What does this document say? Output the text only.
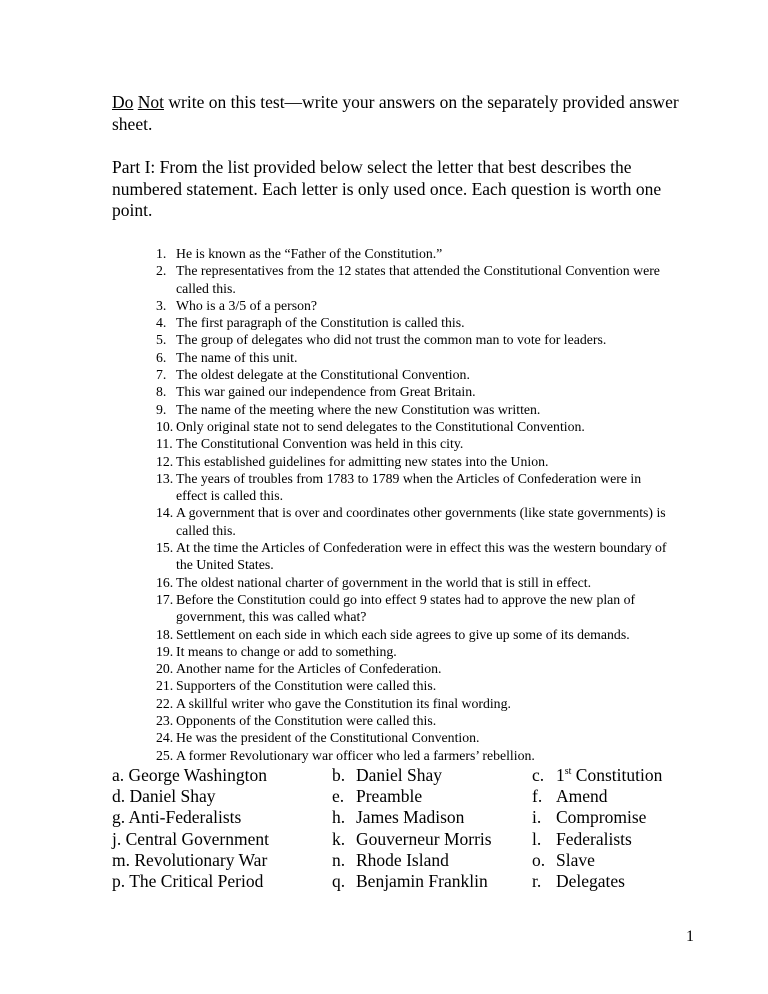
Do Not write on this test—write your answers on the separately provided answer sheet.
Part I: From the list provided below select the letter that best describes the numbered statement. Each letter is only used once. Each question is worth one point.
1. He is known as the “Father of the Constitution.”
2. The representatives from the 12 states that attended the Constitutional Convention were called this.
3. Who is a 3/5 of a person?
4. The first paragraph of the Constitution is called this.
5. The group of delegates who did not trust the common man to vote for leaders.
6. The name of this unit.
7. The oldest delegate at the Constitutional Convention.
8. This war gained our independence from Great Britain.
9. The name of the meeting where the new Constitution was written.
10. Only original state not to send delegates to the Constitutional Convention.
11. The Constitutional Convention was held in this city.
12. This established guidelines for admitting new states into the Union.
13. The years of troubles from 1783 to 1789 when the Articles of Confederation were in effect is called this.
14. A government that is over and coordinates other governments (like state governments) is called this.
15. At the time the Articles of Confederation were in effect this was the western boundary of the United States.
16. The oldest national charter of government in the world that is still in effect.
17. Before the Constitution could go into effect 9 states had to approve the new plan of government, this was called what?
18. Settlement on each side in which each side agrees to give up some of its demands.
19. It means to change or add to something.
20. Another name for the Articles of Confederation.
21. Supporters of the Constitution were called this.
22. A skillful writer who gave the Constitution its final wording.
23. Opponents of the Constitution were called this.
24. He was the president of the Constitutional Convention.
25. A former Revolutionary war officer who led a farmers’ rebellion.
a. George Washington
d. Daniel Shay
g. Anti-Federalists
j. Central Government
m. Revolutionary War
p. The Critical Period
b. Daniel Shay
e. Preamble
h. James Madison
k. Gouverneur Morris
n. Rhode Island
q. Benjamin Franklin
c. 1st Constitution
f. Amend
i. Compromise
l. Federalists
o. Slave
r. Delegates
1
